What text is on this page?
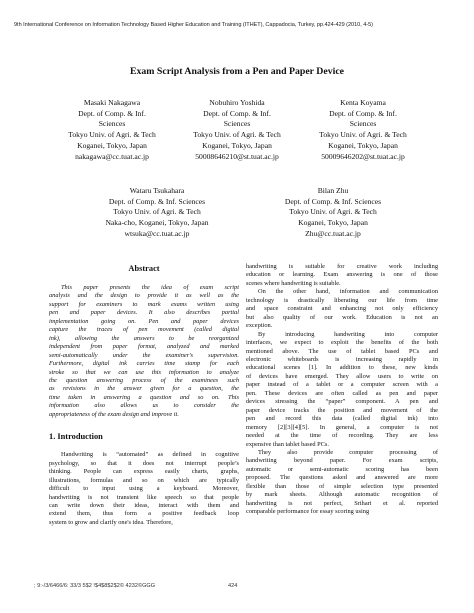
9th International Conference on Information Technology Based Higher Education and Training (ITHET), Cappadocia, Turkey, pp.424-429 (2010, 4-5)
Exam Script Analysis from a Pen and Paper Device
Masaki Nakagawa
Dept. of Comp. & Inf.
Sciences
Tokyo Univ. of Agri. & Tech
Koganei, Tokyo, Japan
nakagawa@cc.tuat.ac.jp
Nobuhiro Yoshida
Dept. of Comp. & Inf.
Sciences
Tokyo Univ. of Agri. & Tech
Koganei, Tokyo, Japan
50008646210@st.tuat.ac.jp
Kenta Koyama
Dept. of Comp. & Inf.
Sciences
Tokyo Univ. of Agri. & Tech
Koganei, Tokyo, Japan
50009646202@st.tuat.ac.jp
Wataru Tsukahara
Dept. of Comp. & Inf. Sciences
Tokyo Univ. of Agri. & Tech
Naka-cho, Koganei, Tokyo, Japan
wtsuka@cc.tuat.ac.jp
Bilan Zhu
Dept. of Comp. & Inf. Sciences
Tokyo Univ. of Agri. & Tech
Koganei, Tokyo, Japan
Zhu@cc.tuat.ac.jp
Abstract
This paper presents the idea of exam script
analysis and the design to provide it as well as the
support for examiners to mark exams written using
pen and paper devices. It also describes partial
implementation going on. Pen and paper devices
capture the traces of pen movement (called digital
ink), allowing the answers to be reorganized
independent from paper format, analyzed and marked
semi-automatically under the examiner's supervision.
Furthermore, digital ink carries time stamp for each
stroke so that we can use this information to analyze
the question answering process of the examinees such
as revisions in the answer given for a question, the
time taken in answering a question and so on. This
information also allows us to consider the
appropriateness of the exam design and improve it.
1. Introduction
Handwriting is “automated” as defined in cognitive
psychology, so that it does not interrupt people’s
thinking. People can express easily charts, graphs,
illustrations, formulas and so on which are typically
difficult to input using a keyboard. Moreover,
handwriting is not transient like speech so that people
can write down their ideas, interact with them and
extend them, thus form a positive feedback loop
system to grow and clarify one's idea. Therefore,
handwriting is suitable for creative work including
education or learning. Exam answering is one of those
scenes where handwriting is suitable.
On the other hand, information and communication
technology is drastically liberating our life from time
and space constraint and enhancing not only efficiency
but also quality of our work. Education is not an
exception.
By introducing handwriting into computer
interfaces, we expect to exploit the benefits of the both
mentioned above. The use of tablet based PCs and
electronic whiteboards is increasing rapidly in
educational scenes [1]. In addition to these, new kinds
of devices have emerged. They allow users to write on
paper instead of a tablet or a computer screen with a
pen. These devices are often called as pen and paper
devices stressing the “paper” component. A pen and
paper device tracks the position and movement of the
pen and record this data (called digital ink) into
memory [2][3][4][5]. In general, a computer is not
needed at the time of recording. They are less
expensive than tablet based PCs.
They also provide computer processing of
handwriting beyond paper. For exam scripts,
automatic or semi-automatic scoring has been
proposed. The questions asked and answered are more
flexible than those of simple selection type presented
by mark sheets. Although automatic recognition of
handwriting is not perfect, Srihari et al. reported
comparable performance for essay scoring using
; 9:-/3/6466/6: 33/3 5$2 !$4$8$2$2© 4232©GGG	424
